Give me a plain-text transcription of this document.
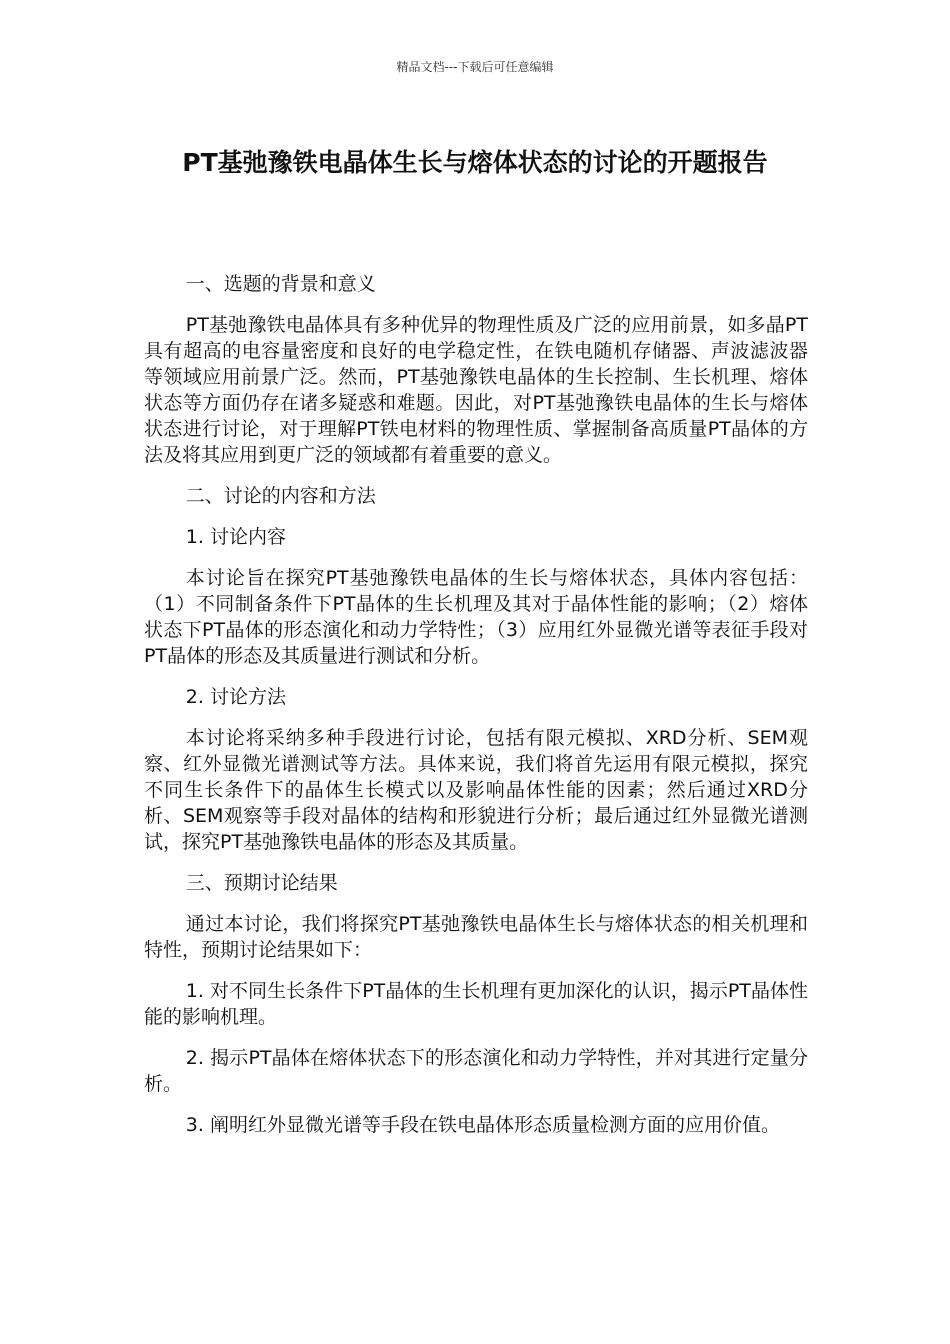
精品文档---下载后可任意编辑
PT基弛豫铁电晶体生长与熔体状态的讨论的开题报告

一、选题的背景和意义

PT基弛豫铁电晶体具有多种优异的物理性质及广泛的应用前景，如多晶PT具有超高的电容量密度和良好的电学稳定性，在铁电随机存储器、声波滤波器等领域应用前景广泛。然而，PT基弛豫铁电晶体的生长控制、生长机理、熔体状态等方面仍存在诸多疑惑和难题。因此，对PT基弛豫铁电晶体的生长与熔体状态进行讨论，对于理解PT铁电材料的物理性质、掌握制备高质量PT晶体的方法及将其应用到更广泛的领域都有着重要的意义。

二、讨论的内容和方法

1. 讨论内容

本讨论旨在探究PT基弛豫铁电晶体的生长与熔体状态，具体内容包括：（1）不同制备条件下PT晶体的生长机理及其对于晶体性能的影响；（2）熔体状态下PT晶体的形态演化和动力学特性；（3）应用红外显微光谱等表征手段对PT晶体的形态及其质量进行测试和分析。

2. 讨论方法

本讨论将采纳多种手段进行讨论，包括有限元模拟、XRD分析、SEM观察、红外显微光谱测试等方法。具体来说，我们将首先运用有限元模拟，探究不同生长条件下的晶体生长模式以及影响晶体性能的因素；然后通过XRD分析、SEM观察等手段对晶体的结构和形貌进行分析；最后通过红外显微光谱测试，探究PT基弛豫铁电晶体的形态及其质量。

三、预期讨论结果

通过本讨论，我们将探究PT基弛豫铁电晶体生长与熔体状态的相关机理和特性，预期讨论结果如下：

1. 对不同生长条件下PT晶体的生长机理有更加深化的认识，揭示PT晶体性能的影响机理。

2. 揭示PT晶体在熔体状态下的形态演化和动力学特性，并对其进行定量分析。

3. 阐明红外显微光谱等手段在铁电晶体形态质量检测方面的应用价值。
